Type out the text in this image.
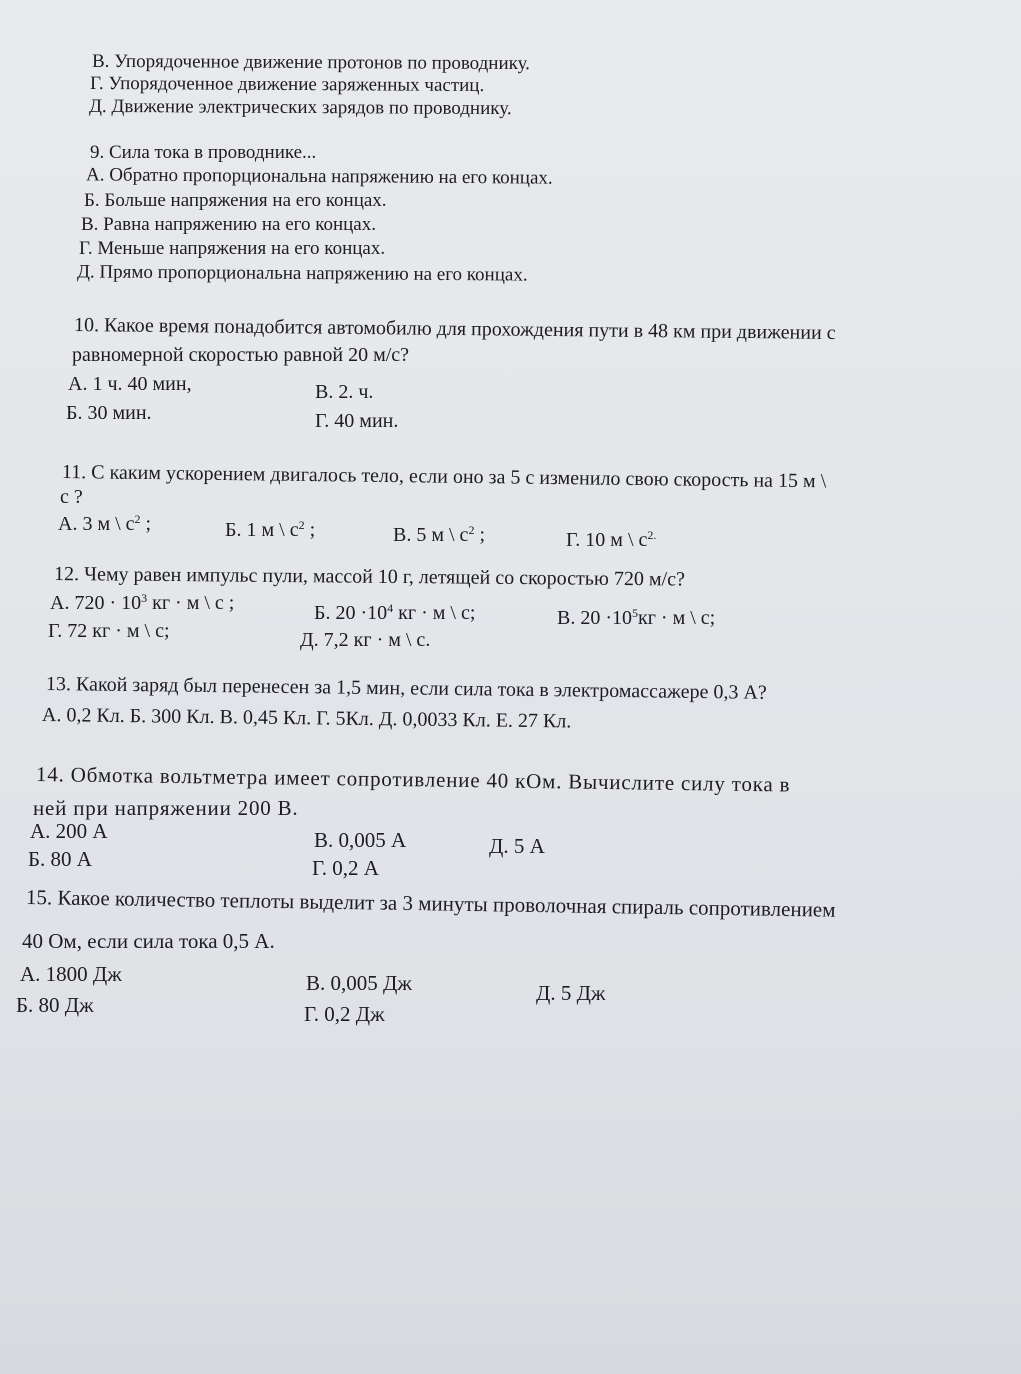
В. Упорядоченное движение протонов по проводнику.
Г. Упорядоченное движение заряженных частиц.
Д. Движение электрических зарядов по проводнику.
9. Сила тока в проводнике...
А. Обратно пропорциональна напряжению на его концах.
Б. Больше напряжения на его концах.
В. Равна напряжению на его концах.
Г. Меньше напряжения на его концах.
Д. Прямо пропорциональна напряжению на его концах.
10. Какое время понадобится автомобилю для прохождения пути в 48 км при движении с
равномерной скоростью равной 20 м/с?
А. 1 ч. 40 мин,	В. 2. ч.
Б. 30 мин.	Г. 40 мин.
11. С каким ускорением двигалось тело, если оно за 5 с изменило свою скорость на 15 м \
с ?
А. 3 м \ $с^2$ ;	Б. 1 м \ $с^2$ ;	В. 5 м \ $с^2$ ;	Г. 10 м \ $с^{2.}$
12. Чему равен импульс пули, массой 10 г, летящей со скоростью 720 м/с?
А. $720 \cdot 10^3$ кг · м \ с ;	Б. $20 \cdot 10^4$ кг · м \ с;	В. $20 \cdot 10^5кг \cdot м$ \ с;
Г. 72 кг · м \ с;	Д. 7,2 кг · м \ с.
13. Какой заряд был перенесен за 1,5 мин, если сила тока в электромассажере 0,3 А?
А. 0,2 Кл. Б. 300 Кл. В. 0,45 Кл. Г. 5Кл. Д. 0,0033 Кл. Е. 27 Кл.
14. Обмотка вольтметра имеет сопротивление 40 кОм. Вычислите силу тока в
ней при напряжении 200 В.
А. 200 А	В. 0,005 А	Д. 5 А
Б. 80 А	Г. 0,2 А
15. Какое количество теплоты выделит за 3 минуты проволочная спираль сопротивлением
40 Ом, если сила тока 0,5 А.
А. 1800 Дж	В. 0,005 Дж	Д. 5 Дж
Б. 80 Дж	Г. 0,2 Дж
